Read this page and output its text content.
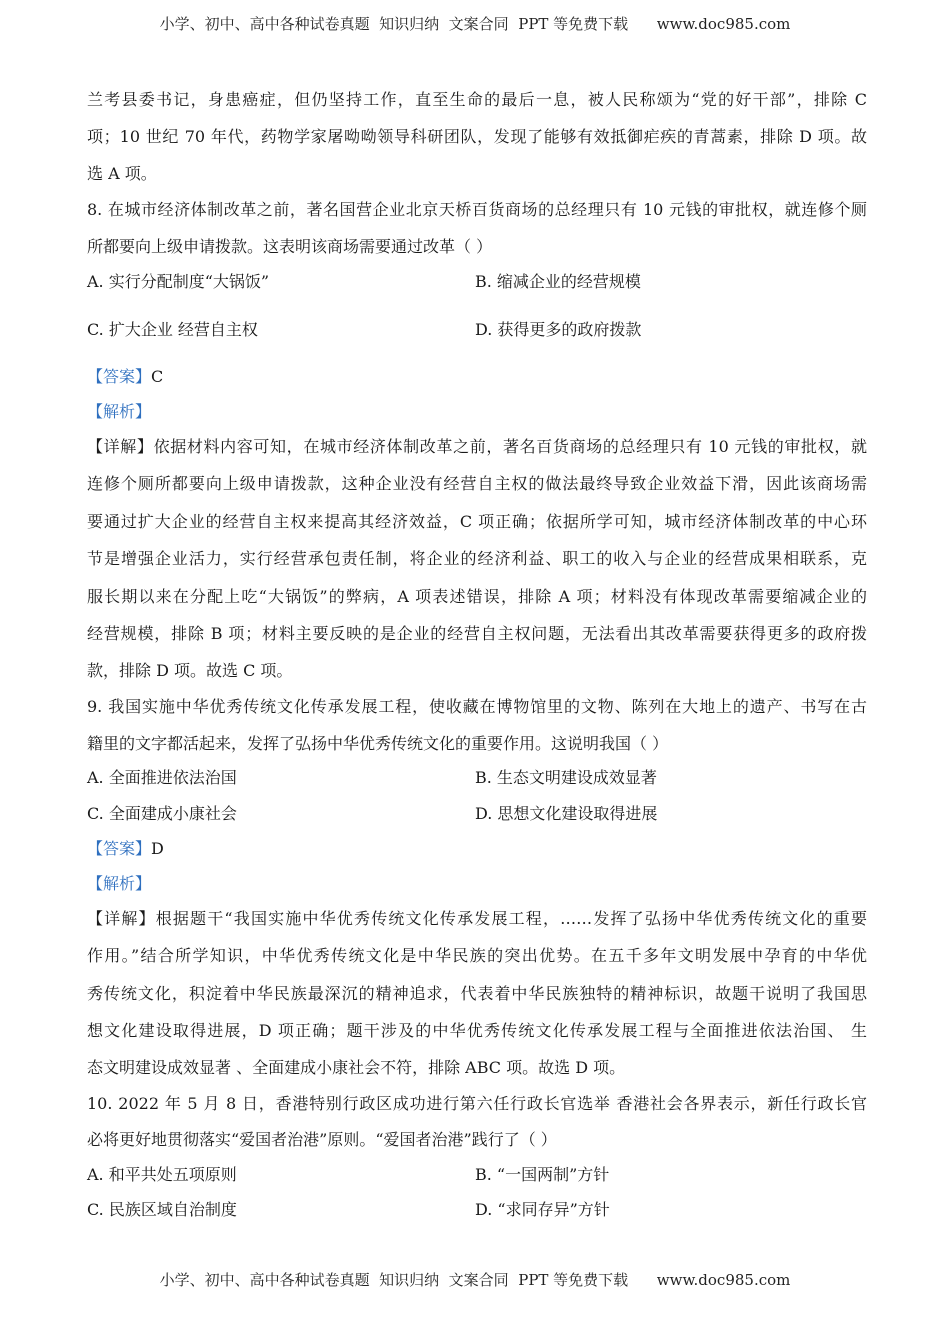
小学、初中、高中各种试卷真题  知识归纳  文案合同  PPT 等免费下载      www.doc985.com
兰考县委书记，身患癌症，但仍坚持工作，直至生命的最后一息，被人民称颂为“党的好干部”，排除 C
项；10 世纪 70 年代，药物学家屠呦呦领导科研团队，发现了能够有效抵御疟疾的青蒿素，排除 D 项。故
选 A 项。
8. 在城市经济体制改革之前，著名国营企业北京天桥百货商场的总经理只有 10 元钱的审批权，就连修个厕
所都要向上级申请拨款。这表明该商场需要通过改革（ ）
A. 实行分配制度“大锅饭”	B. 缩减企业的经营规模
C. 扩大企业 经营自主权	D. 获得更多的政府拨款
【答案】C
【解析】
【详解】依据材料内容可知，在城市经济体制改革之前，著名百货商场的总经理只有 10 元钱的审批权，就
连修个厕所都要向上级申请拨款，这种企业没有经营自主权的做法最终导致企业效益下滑，因此该商场需
要通过扩大企业的经营自主权来提高其经济效益，C 项正确；依据所学可知，城市经济体制改革的中心环
节是增强企业活力，实行经营承包责任制，将企业的经济利益、职工的收入与企业的经营成果相联系，克
服长期以来在分配上吃“大锅饭”的弊病，A 项表述错误，排除 A 项；材料没有体现改革需要缩减企业的
经营规模，排除 B 项；材料主要反映的是企业的经营自主权问题，无法看出其改革需要获得更多的政府拨
款，排除 D 项。故选 C 项。
9. 我国实施中华优秀传统文化传承发展工程，使收藏在博物馆里的文物、陈列在大地上的遗产、书写在古
籍里的文字都活起来，发挥了弘扬中华优秀传统文化的重要作用。这说明我国（ ）
A. 全面推进依法治国	B. 生态文明建设成效显著
C. 全面建成小康社会	D. 思想文化建设取得进展
【答案】D
【解析】
【详解】根据题干“我国实施中华优秀传统文化传承发展工程，……发挥了弘扬中华优秀传统文化的重要
作用。”结合所学知识，中华优秀传统文化是中华民族的突出优势。在五千多年文明发展中孕育的中华优
秀传统文化，积淀着中华民族最深沉的精神追求，代表着中华民族独特的精神标识，故题干说明了我国思
想文化建设取得进展，D 项正确；题干涉及的中华优秀传统文化传承发展工程与全面推进依法治国、 生
态文明建设成效显著 、全面建成小康社会不符，排除 ABC 项。故选 D 项。
10. 2022 年 5 月 8 日，香港特别行政区成功进行第六任行政长官选举 香港社会各界表示，新任行政长官
必将更好地贯彻落实“爱国者治港”原则。“爱国者治港”践行了（ ）
A. 和平共处五项原则	B. “一国两制”方针
C. 民族区域自治制度	D. “求同存异”方针
小学、初中、高中各种试卷真题  知识归纳  文案合同  PPT 等免费下载      www.doc985.com
